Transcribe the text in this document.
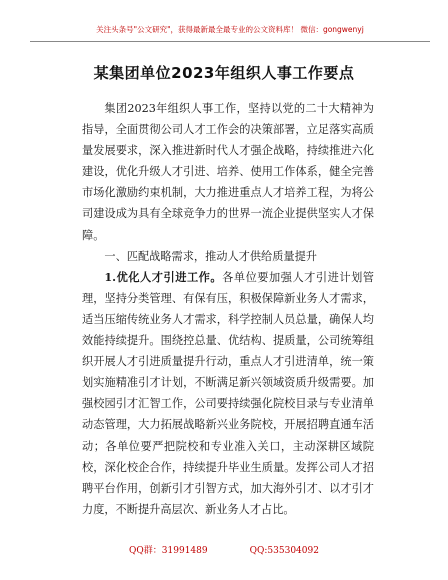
关注头条号"公文研究"，获得最新最全最专业的公文资料库！ 微信：gongwenyj
某集团单位2023年组织人事工作要点

集团2023年组织人事工作，坚持以党的二十大精神为指导，全面贯彻公司人才工作会的决策部署，立足落实高质量发展要求，深入推进新时代人才强企战略，持续推进六化建设，优化升级人才引进、培养、使用工作体系，健全完善市场化激励约束机制，大力推进重点人才培养工程，为将公司建设成为具有全球竞争力的世界一流企业提供坚实人才保障。

一、匹配战略需求，推动人才供给质量提升

1.优化人才引进工作。各单位要加强人才引进计划管理，坚持分类管理、有保有压，积极保障新业务人才需求，适当压缩传统业务人才需求，科学控制人员总量，确保人均效能持续提升。围绕控总量、优结构、提质量，公司统筹组织开展人才引进质量提升行动，重点人才引进清单，统一策划实施精准引才计划，不断满足新兴领域资质升级需要。加强校园引才汇智工作，公司要持续强化院校目录与专业清单动态管理，大力拓展战略新兴业务院校，开展招聘直通车活动；各单位要严把院校和专业准入关口，主动深耕区域院校，深化校企合作，持续提升毕业生质量。发挥公司人才招聘平台作用，创新引才引智方式，加大海外引才、以才引才力度，不断提升高层次、新业务人才占比。

QQ群：31991489	QQ:535304092
